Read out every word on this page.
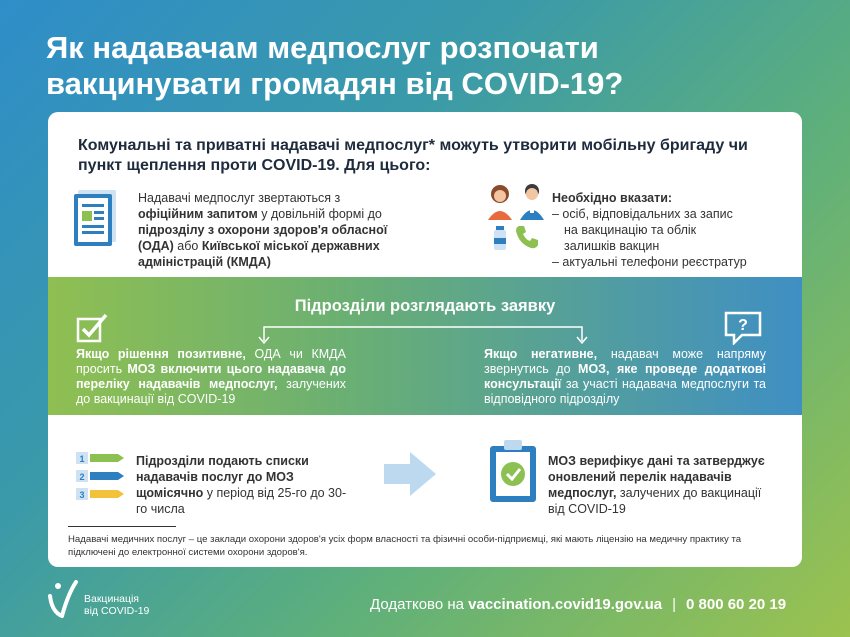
Як надавачам медпослуг розпочати
вакцинувати громадян від COVID-19?
Комунальні та приватні надавачі медпослуг* можуть утворити мобільну бригаду чи пункт щеплення проти COVID-19. Для цього:
Надавачі медпослуг звертаються з офіційним запитом у довільній формі до підрозділу з охорони здоров'я обласної (ОДА) або Київської міської державних адміністрацій (КМДА)
Необхідно вказати:
– осіб, відповідальних за запис
на вакцинацію та облік
залишків вакцин
– актуальні телефони реєстратур
Підрозділи розглядають заявку
?
Якщо рішення позитивне, ОДА чи КМДА просить МОЗ включити цього надавача до переліку надавачів медпослуг, залучених до вакцинації від COVID-19
Якщо негативне, надавач може напряму звернутись до МОЗ, яке проведе додаткові консультації за участі надавача медпослуги та відповідного підрозділу
1
2
3
Підрозділи подають списки надавачів послуг до МОЗ щомісячно у період від 25-го до 30-го числа
МОЗ верифікує дані та затверджує оновлений перелік надавачів медпослуг, залучених до вакцинації від COVID-19
Надавачі медичних послуг – це заклади охорони здоров'я усіх форм власності та фізичні особи-підприємці, які мають ліцензію на медичну практику та підключені до електронної системи охорони здоров'я.
Вакцинація
від COVID-19	Додатково на vaccination.covid19.gov.ua | 0 800 60 20 19
